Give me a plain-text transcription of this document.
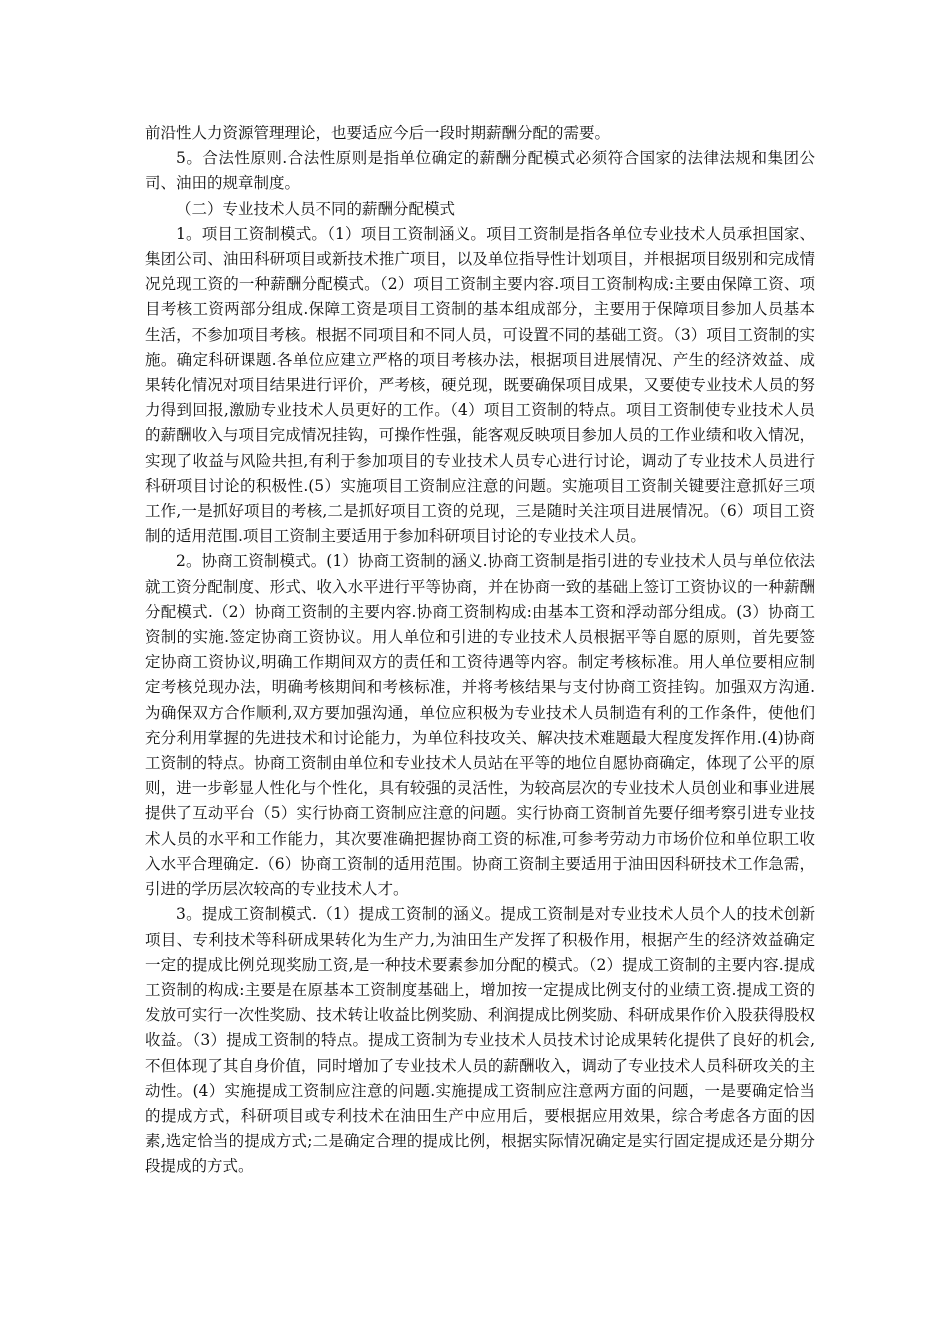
前沿性人力资源管理理论，也要适应今后一段时期薪酬分配的需要。

5。合法性原则.合法性原则是指单位确定的薪酬分配模式必须符合国家的法律法规和集团公司、油田的规章制度。

（二）专业技术人员不同的薪酬分配模式

1。项目工资制模式。（1）项目工资制涵义。项目工资制是指各单位专业技术人员承担国家、集团公司、油田科研项目或新技术推广项目，以及单位指导性计划项目，并根据项目级别和完成情况兑现工资的一种薪酬分配模式。（2）项目工资制主要内容.项目工资制构成:主要由保障工资、项目考核工资两部分组成.保障工资是项目工资制的基本组成部分，主要用于保障项目参加人员基本生活，不参加项目考核。根据不同项目和不同人员，可设置不同的基础工资。（3）项目工资制的实施。确定科研课题.各单位应建立严格的项目考核办法，根据项目进展情况、产生的经济效益、成果转化情况对项目结果进行评价，严考核，硬兑现，既要确保项目成果，又要使专业技术人员的努力得到回报,激励专业技术人员更好的工作。（4）项目工资制的特点。项目工资制使专业技术人员的薪酬收入与项目完成情况挂钩，可操作性强，能客观反映项目参加人员的工作业绩和收入情况，实现了收益与风险共担,有利于参加项目的专业技术人员专心进行讨论，调动了专业技术人员进行科研项目讨论的积极性.(5）实施项目工资制应注意的问题。实施项目工资制关键要注意抓好三项工作,一是抓好项目的考核,二是抓好项目工资的兑现，三是随时关注项目进展情况。（6）项目工资制的适用范围.项目工资制主要适用于参加科研项目讨论的专业技术人员。

2。协商工资制模式。(1）协商工资制的涵义.协商工资制是指引进的专业技术人员与单位依法就工资分配制度、形式、收入水平进行平等协商，并在协商一致的基础上签订工资协议的一种薪酬分配模式.（2）协商工资制的主要内容.协商工资制构成:由基本工资和浮动部分组成。(3）协商工资制的实施.签定协商工资协议。用人单位和引进的专业技术人员根据平等自愿的原则，首先要签定协商工资协议,明确工作期间双方的责任和工资待遇等内容。制定考核标准。用人单位要相应制定考核兑现办法，明确考核期间和考核标准，并将考核结果与支付协商工资挂钩。加强双方沟通.为确保双方合作顺利,双方要加强沟通，单位应积极为专业技术人员制造有利的工作条件，使他们充分利用掌握的先进技术和讨论能力，为单位科技攻关、解决技术难题最大程度发挥作用.(4)协商工资制的特点。协商工资制由单位和专业技术人员站在平等的地位自愿协商确定，体现了公平的原则，进一步彰显人性化与个性化，具有较强的灵活性，为较高层次的专业技术人员创业和事业进展提供了互动平台（5）实行协商工资制应注意的问题。实行协商工资制首先要仔细考察引进专业技术人员的水平和工作能力，其次要准确把握协商工资的标准,可参考劳动力市场价位和单位职工收入水平合理确定.（6）协商工资制的适用范围。协商工资制主要适用于油田因科研技术工作急需，引进的学历层次较高的专业技术人才。

3。提成工资制模式.（1）提成工资制的涵义。提成工资制是对专业技术人员个人的技术创新项目、专利技术等科研成果转化为生产力,为油田生产发挥了积极作用，根据产生的经济效益确定一定的提成比例兑现奖励工资,是一种技术要素参加分配的模式。（2）提成工资制的主要内容.提成工资制的构成:主要是在原基本工资制度基础上，增加按一定提成比例支付的业绩工资.提成工资的发放可实行一次性奖励、技术转让收益比例奖励、利润提成比例奖励、科研成果作价入股获得股权收益。（3）提成工资制的特点。提成工资制为专业技术人员技术讨论成果转化提供了良好的机会,不但体现了其自身价值，同时增加了专业技术人员的薪酬收入，调动了专业技术人员科研攻关的主动性。(4）实施提成工资制应注意的问题.实施提成工资制应注意两方面的问题，一是要确定恰当的提成方式，科研项目或专利技术在油田生产中应用后，要根据应用效果，综合考虑各方面的因素,选定恰当的提成方式;二是确定合理的提成比例，根据实际情况确定是实行固定提成还是分期分段提成的方式。
